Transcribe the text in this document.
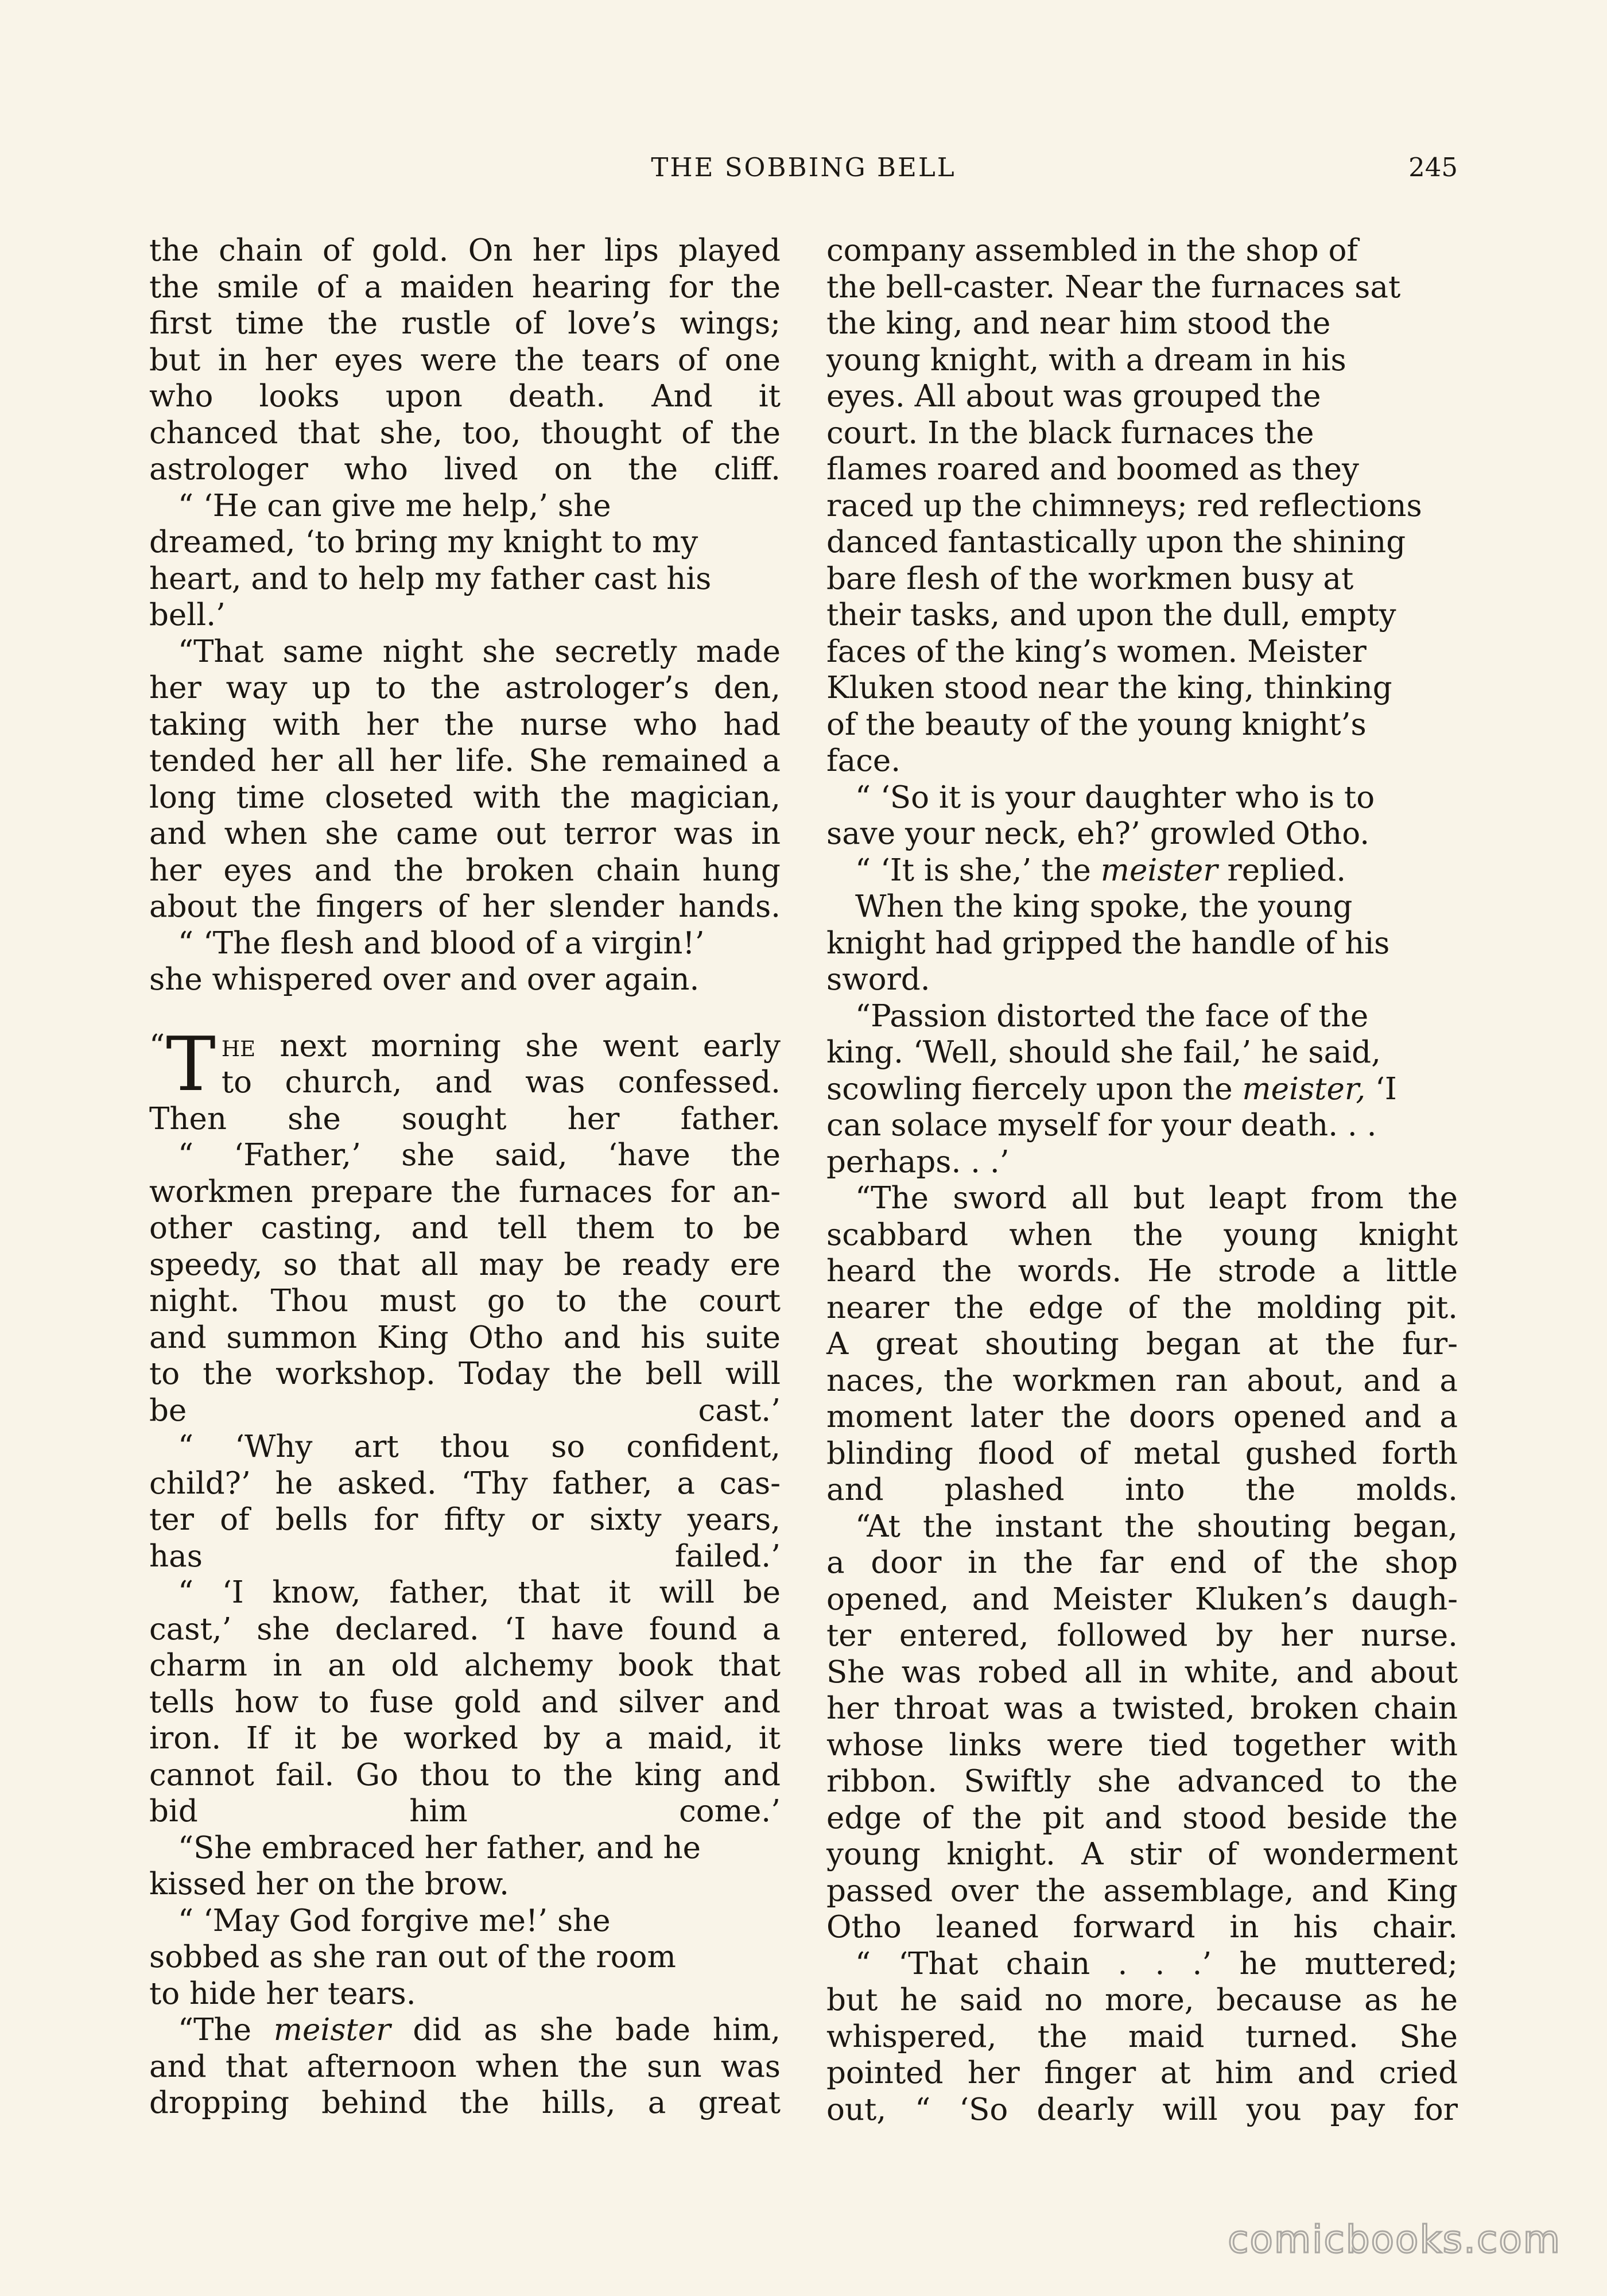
THE SOBBING BELL	245

the chain of gold. On her lips played
the smile of a maiden hearing for the
first time the rustle of love’s wings;
but in her eyes were the tears of one
who looks upon death. And it
chanced that she, too, thought of the
astrologer who lived on the cliff.

“ ‘He can give me help,’ she
dreamed, ‘to bring my knight to my
heart, and to help my father cast his
bell.’

“That same night she secretly made
her way up to the astrologer’s den,
taking with her the nurse who had
tended her all her life. She remained a
long time closeted with the magician,
and when she came out terror was in
her eyes and the broken chain hung
about the fingers of her slender hands.

“ ‘The flesh and blood of a virgin!’
she whispered over and over again.

“ T he next morning she went early
to church, and was confessed.
Then she sought her father.

“ ‘Father,’ she said, ‘have the
workmen prepare the furnaces for an-
other casting, and tell them to be
speedy, so that all may be ready ere
night. Thou must go to the court
and summon King Otho and his suite
to the workshop. Today the bell will
be cast.’

“ ‘Why art thou so confident,
child?’ he asked. ‘Thy father, a cas-
ter of bells for fifty or sixty years,
has failed.’

“ ‘I know, father, that it will be
cast,’ she declared. ‘I have found a
charm in an old alchemy book that
tells how to fuse gold and silver and
iron. If it be worked by a maid, it
cannot fail. Go thou to the king and
bid him come.’

“She embraced her father, and he
kissed her on the brow.

“ ‘May God forgive me!’ she
sobbed as she ran out of the room
to hide her tears.

“The meister did as she bade him,
and that afternoon when the sun was
dropping behind the hills, a great

company assembled in the shop of
the bell-caster. Near the furnaces sat
the king, and near him stood the
young knight, with a dream in his
eyes. All about was grouped the
court. In the black furnaces the
flames roared and boomed as they
raced up the chimneys; red reflections
danced fantastically upon the shining
bare flesh of the workmen busy at
their tasks, and upon the dull, empty
faces of the king’s women. Meister
Kluken stood near the king, thinking
of the beauty of the young knight’s
face.

“ ‘So it is your daughter who is to
save your neck, eh?’ growled Otho.

“ ‘It is she,’ the meister replied.

When the king spoke, the young
knight had gripped the handle of his
sword.

“Passion distorted the face of the
king. ‘Well, should she fail,’ he said,
scowling fiercely upon the meister, ‘I
can solace myself for your death. . .
perhaps. . .’

“The sword all but leapt from the
scabbard when the young knight
heard the words. He strode a little
nearer the edge of the molding pit.
A great shouting began at the fur-
naces, the workmen ran about, and a
moment later the doors opened and a
blinding flood of metal gushed forth
and plashed into the molds.

“At the instant the shouting began,
a door in the far end of the shop
opened, and Meister Kluken’s daugh-
ter entered, followed by her nurse.
She was robed all in white, and about
her throat was a twisted, broken chain
whose links were tied together with
ribbon. Swiftly she advanced to the
edge of the pit and stood beside the
young knight. A stir of wonderment
passed over the assemblage, and King
Otho leaned forward in his chair.

“ ‘That chain . . .’ he muttered;
but he said no more, because as he
whispered, the maid turned. She
pointed her finger at him and cried
out, “ ‘So dearly will you pay for

comicbooks.com
